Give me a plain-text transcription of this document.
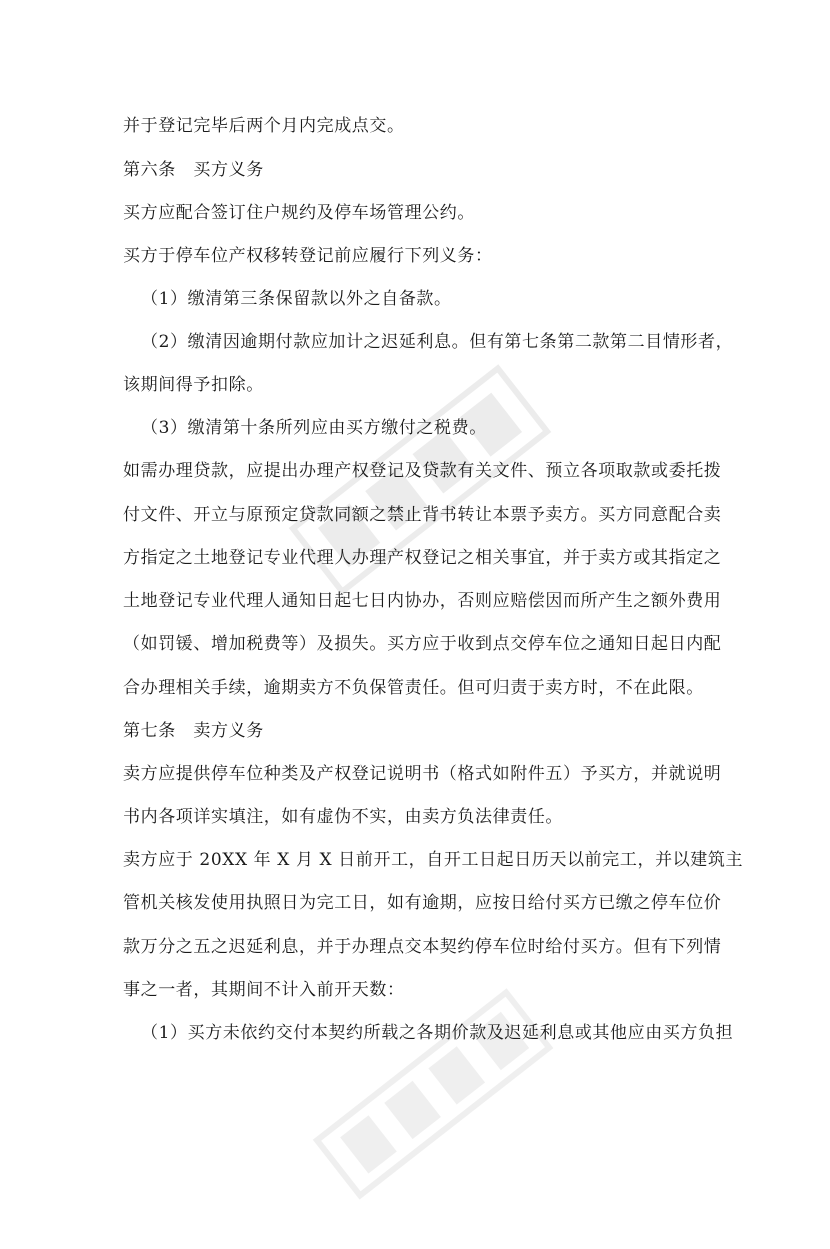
并于登记完毕后两个月内完成点交。
第六条　买方义务
买方应配合签订住户规约及停车场管理公约。
买方于停车位产权移转登记前应履行下列义务：
（1）缴清第三条保留款以外之自备款。
（2）缴清因逾期付款应加计之迟延利息。但有第七条第二款第二目情形者，
该期间得予扣除。
（3）缴清第十条所列应由买方缴付之税费。
如需办理贷款，应提出办理产权登记及贷款有关文件、预立各项取款或委托拨
付文件、开立与原预定贷款同额之禁止背书转让本票予卖方。买方同意配合卖
方指定之土地登记专业代理人办理产权登记之相关事宜，并于卖方或其指定之
土地登记专业代理人通知日起七日内协办，否则应赔偿因而所产生之额外费用
（如罚锾、增加税费等）及损失。买方应于收到点交停车位之通知日起日内配
合办理相关手续，逾期卖方不负保管责任。但可归责于卖方时，不在此限。
第七条　卖方义务
卖方应提供停车位种类及产权登记说明书（格式如附件五）予买方，并就说明
书内各项详实填注，如有虚伪不实，由卖方负法律责任。
卖方应于 20XX 年 X 月 X 日前开工，自开工日起日历天以前完工，并以建筑主
管机关核发使用执照日为完工日，如有逾期，应按日给付买方已缴之停车位价
款万分之五之迟延利息，并于办理点交本契约停车位时给付买方。但有下列情
事之一者，其期间不计入前开天数：
（1）买方未依约交付本契约所载之各期价款及迟延利息或其他应由买方负担
